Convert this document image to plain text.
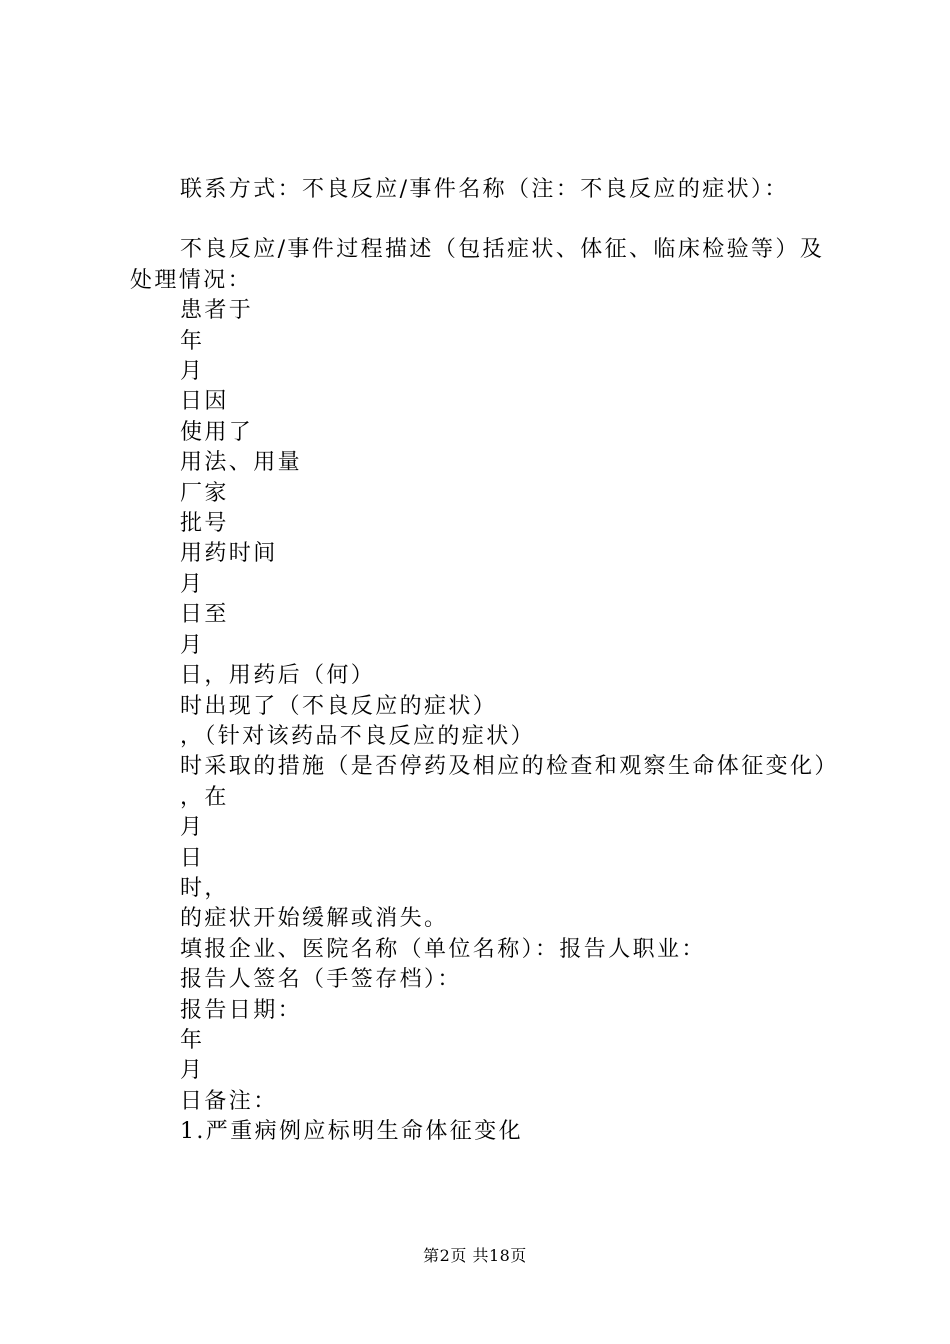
联系方式：不良反应/事件名称（注：不良反应的症状）：

不良反应/事件过程描述（包括症状、体征、临床检验等）及处理情况：

患者于

年

月

日因

使用了

用法、用量

厂家

批号

用药时间

月

日至

月

日，用药后（何）

时出现了（不良反应的症状）

，（针对该药品不良反应的症状）

时采取的措施（是否停药及相应的检查和观察生命体征变化）

，在

月

日

时，

的症状开始缓解或消失。

填报企业、医院名称（单位名称）：报告人职业：

报告人签名（手签存档）：

报告日期：

年

月

日备注：

1.严重病例应标明生命体征变化

第2页 共18页
